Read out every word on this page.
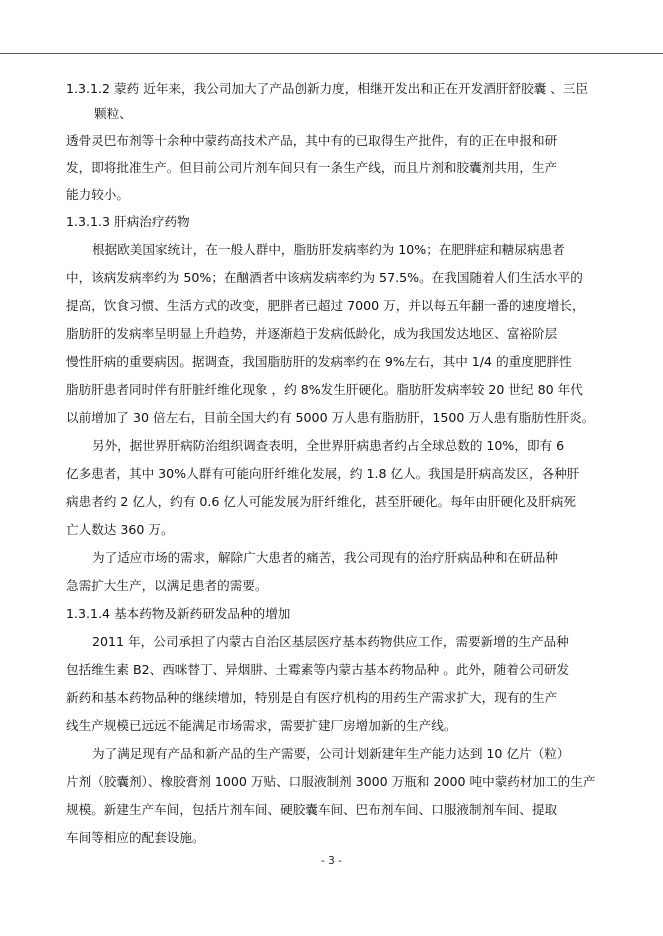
1.3.1.2 蒙药 近年来，我公司加大了产品创新力度，相继开发出和正在开发酒肝舒胶囊 、三臣

颗粒、

透骨灵巴布剂等十余种中蒙药高技术产品，其中有的已取得生产批件，有的正在申报和研

发，即将批准生产。但目前公司片剂车间只有一条生产线，而且片剂和胶囊剂共用，生产

能力较小。

1.3.1.3 肝病治疗药物

根据欧美国家统计，在一般人群中，脂肪肝发病率约为 10%；在肥胖症和糖尿病患者

中，该病发病率约为 50%；在酗酒者中该病发病率约为 57.5%。在我国随着人们生活水平的

提高，饮食习惯、生活方式的改变，肥胖者已超过 7000 万，并以每五年翻一番的速度增长，

脂肪肝的发病率呈明显上升趋势，并逐渐趋于发病低龄化，成为我国发达地区、富裕阶层

慢性肝病的重要病因。据调查，我国脂肪肝的发病率约在 9%左右，其中 1/4 的重度肥胖性

脂肪肝患者同时伴有肝脏纤维化现象 ，约 8%发生肝硬化。脂肪肝发病率较 20 世纪 80 年代

以前增加了 30 倍左右，目前全国大约有 5000 万人患有脂肪肝，1500 万人患有脂肪性肝炎。

另外，据世界肝病防治组织调查表明，全世界肝病患者约占全球总数的 10%，即有 6

亿多患者，其中 30%人群有可能向肝纤维化发展，约 1.8 亿人。我国是肝病高发区，各种肝

病患者约 2 亿人，约有 0.6 亿人可能发展为肝纤维化，甚至肝硬化。每年由肝硬化及肝病死

亡人数达 360 万。

为了适应市场的需求，解除广大患者的痛苦，我公司现有的治疗肝病品种和在研品种

急需扩大生产，以满足患者的需要。

1.3.1.4 基本药物及新药研发品种的增加

2011 年，公司承担了内蒙古自治区基层医疗基本药物供应工作，需要新增的生产品种

包括维生素 B2、西咪替丁、异烟肼、土霉素等内蒙古基本药物品种 。此外，随着公司研发

新药和基本药物品种的继续增加，特别是自有医疗机构的用药生产需求扩大，现有的生产

线生产规模已远远不能满足市场需求，需要扩建厂房增加新的生产线。

为了满足现有产品和新产品的生产需要，公司计划新建年生产能力达到 10 亿片（粒）

片剂（胶囊剂）、橡胶膏剂 1000 万贴、口服液制剂 3000 万瓶和 2000 吨中蒙药材加工的生产

规模。新建生产车间，包括片剂车间、硬胶囊车间、巴布剂车间、口服液制剂车间、提取

车间等相应的配套设施。

- 3 -
